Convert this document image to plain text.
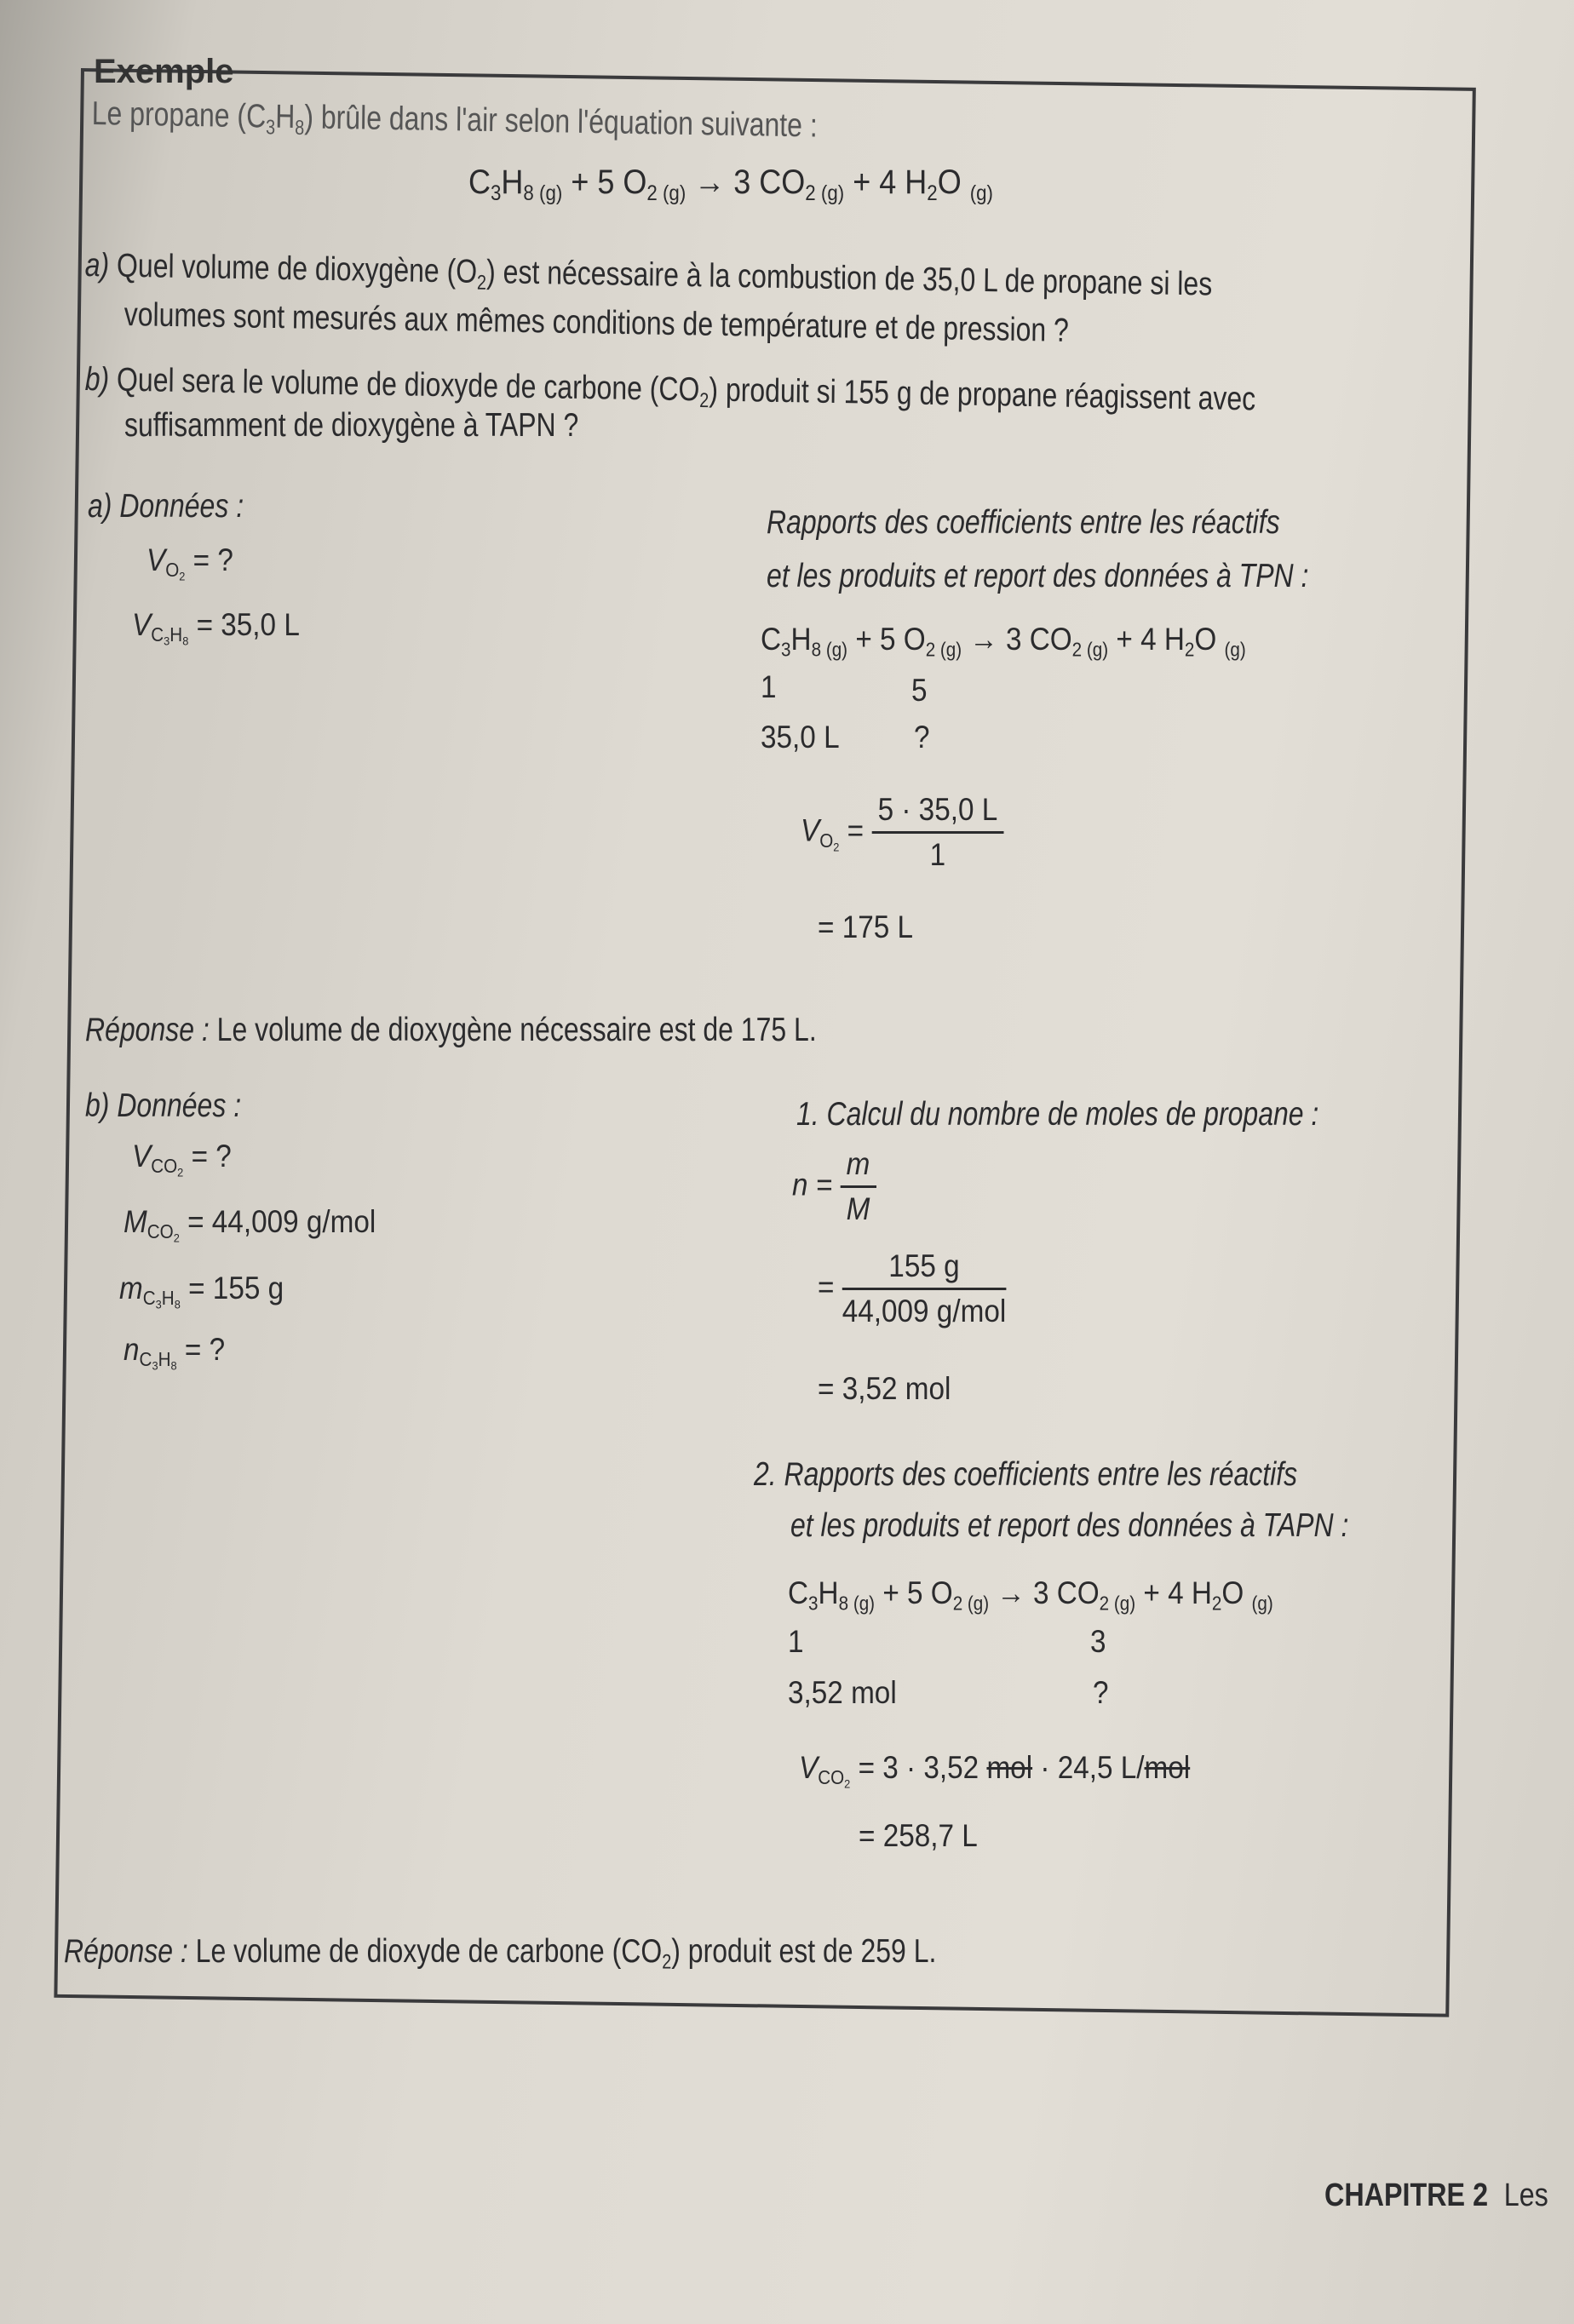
Exemple
Le propane $(C_3H_8)$ brûle dans l'air selon l'équation suivante :
$C_3H_{8 (g)} + 5$ $O_{2 (g)} \to 3$ $CO_{2 (g)} + 4$ $H_2O$ $_{(g)}$
a) Quel volume de dioxygène $(O_2)$ est nécessaire à la combustion de 35,0 L de propane si les
volumes sont mesurés aux mêmes conditions de température et de pression ?
b) Quel sera le volume de dioxyde de carbone $(CO_2)$ produit si 155 g de propane réagissent avec
suffisamment de dioxygène à TAPN ?
a) Données :
$V_{O_2}$ = ?
$V_{C_3H_8} = 35,0$ L
Rapports des coefficients entre les réactifs
et les produits et report des données à TPN :
$C_3H_{8 (g)} + 5$ $O_{2 (g)} \to 3$ $CO_{2 (g)} + 4$ $H_2O$ $_{(g)}$
1	5
35,0 L ?
$V_{O_2} = \frac{5 \cdot 35,0 L}{1}$
= 175 L
Réponse : Le volume de dioxygène nécessaire est de 175 L.
b) Données :
$V_{CO_2}$ = ?
$M_{CO_2} = 44,009$ g/mol
$m_{C_3H_8} = 155$ g
$n_{C_3H_8}$ = ?
1. Calcul du nombre de moles de propane :
$n = \frac{m}{M}$
= $\frac{155 g}{\text{44,009 g/mol}}$
= 3,52 mol
2. Rapports des coefficients entre les réactifs
et les produits et report des données à TAPN :
$C_3H_{8 (g)} + 5$ $O_{2 (g)} \to 3$ $CO_{2 (g)} + 4$ $H_2O$ $_{(g)}$
1	3
3,52 mol	?
$V_{CO_2} = 3 \cdot 3,52$ mol · 24,5 L/mol
= 258,7 L
Réponse : Le volume de dioxyde de carbone $(CO_2)$ produit est de 259 L.
CHAPITRE 2 Les
